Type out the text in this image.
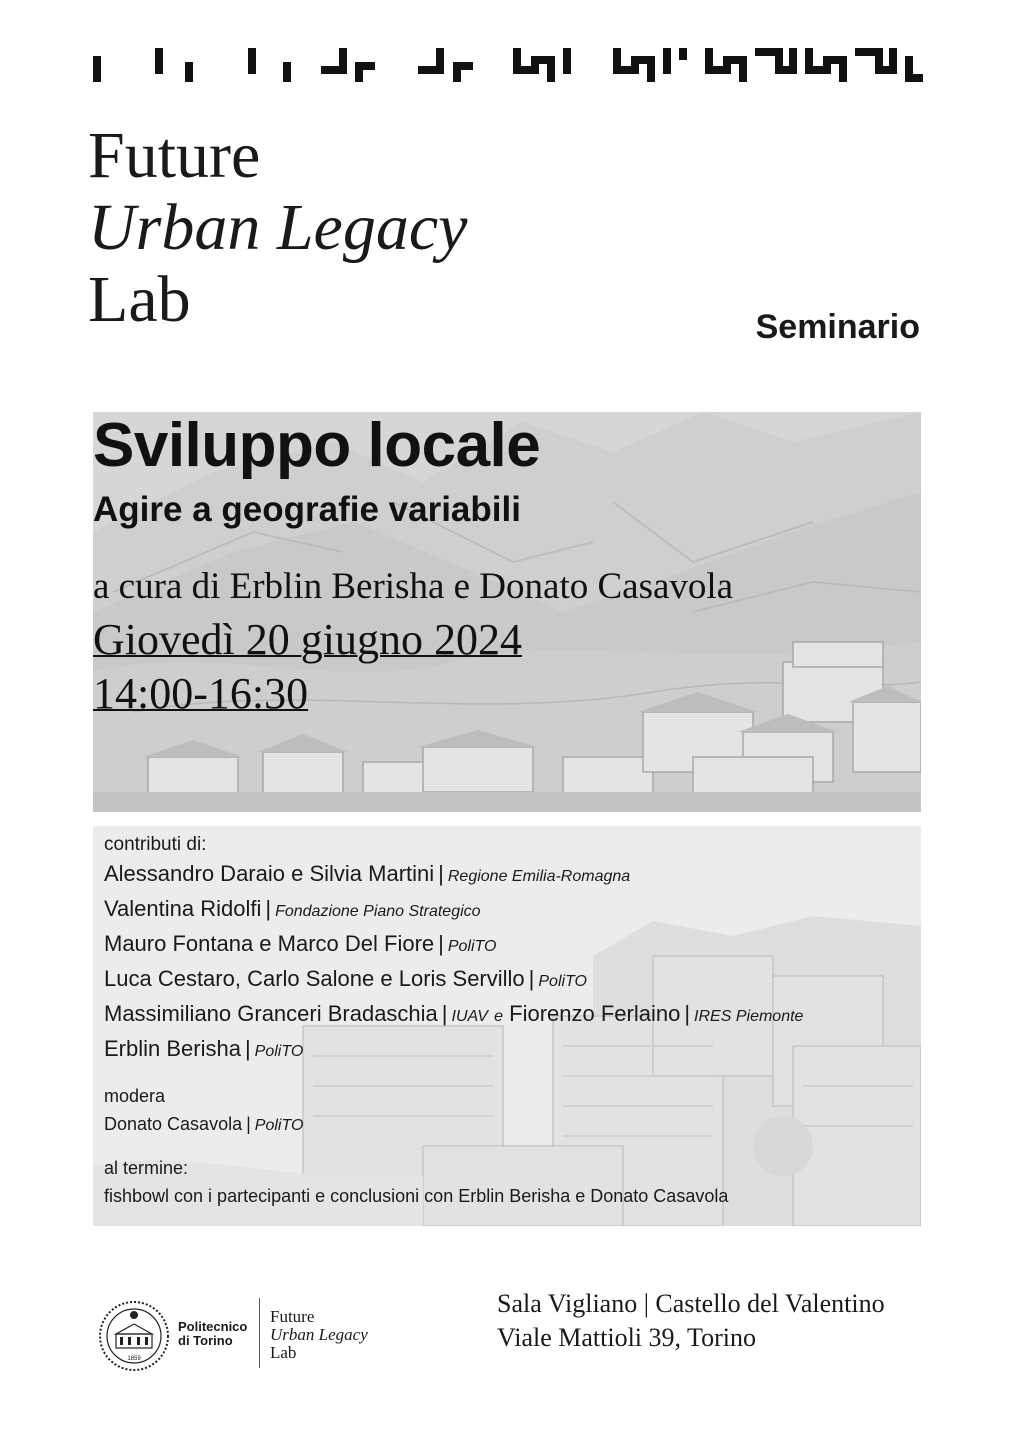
Future
Urban Legacy
Lab	Seminario
Sviluppo locale
Agire a geografie variabili
a cura di Erblin Berisha e Donato Casavola
Giovedì 20 giugno 2024
14:00-16:30
contributi di:
Alessandro Daraio e Silvia Martini | Regione Emilia-Romagna
Valentina Ridolfi | Fondazione Piano Strategico
Mauro Fontana e Marco Del Fiore | PoliTO
Luca Cestaro, Carlo Salone e Loris Servillo | PoliTO
Massimiliano Granceri Bradaschia | IUAV e Fiorenzo Ferlaino | IRES Piemonte
Erblin Berisha | PoliTO
modera
Donato Casavola | PoliTO
al termine:
fishbowl con i partecipanti e conclusioni con Erblin Berisha e Donato Casavola
1859
Politecnico
di Torino
Future
Urban Legacy
Lab
Sala Vigliano | Castello del Valentino
Viale Mattioli 39, Torino
